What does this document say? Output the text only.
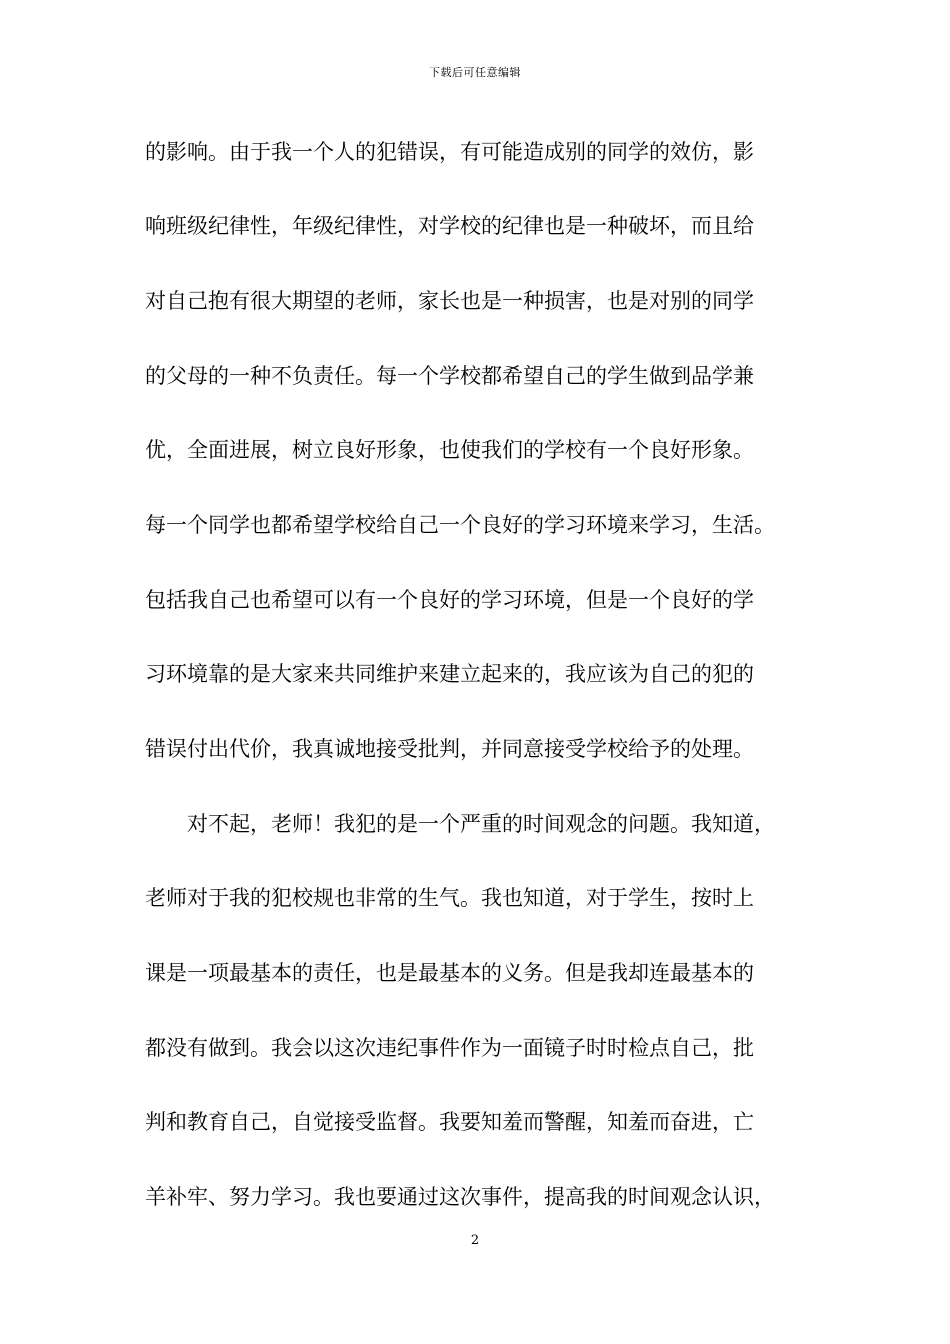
下载后可任意编辑
的影响。由于我一个人的犯错误，有可能造成别的同学的效仿，影
响班级纪律性，年级纪律性，对学校的纪律也是一种破坏，而且给
对自己抱有很大期望的老师，家长也是一种损害，也是对别的同学
的父母的一种不负责任。每一个学校都希望自己的学生做到品学兼
优，全面进展，树立良好形象，也使我们的学校有一个良好形象。
每一个同学也都希望学校给自己一个良好的学习环境来学习，生活。
包括我自己也希望可以有一个良好的学习环境，但是一个良好的学
习环境靠的是大家来共同维护来建立起来的，我应该为自己的犯的
错误付出代价，我真诚地接受批判，并同意接受学校给予的处理。
　　对不起，老师！我犯的是一个严重的时间观念的问题。我知道，
老师对于我的犯校规也非常的生气。我也知道，对于学生，按时上
课是一项最基本的责任，也是最基本的义务。但是我却连最基本的
都没有做到。我会以这次违纪事件作为一面镜子时时检点自己，批
判和教育自己，自觉接受监督。我要知羞而警醒，知羞而奋进，亡
羊补牢、努力学习。我也要通过这次事件，提高我的时间观念认识，
2
